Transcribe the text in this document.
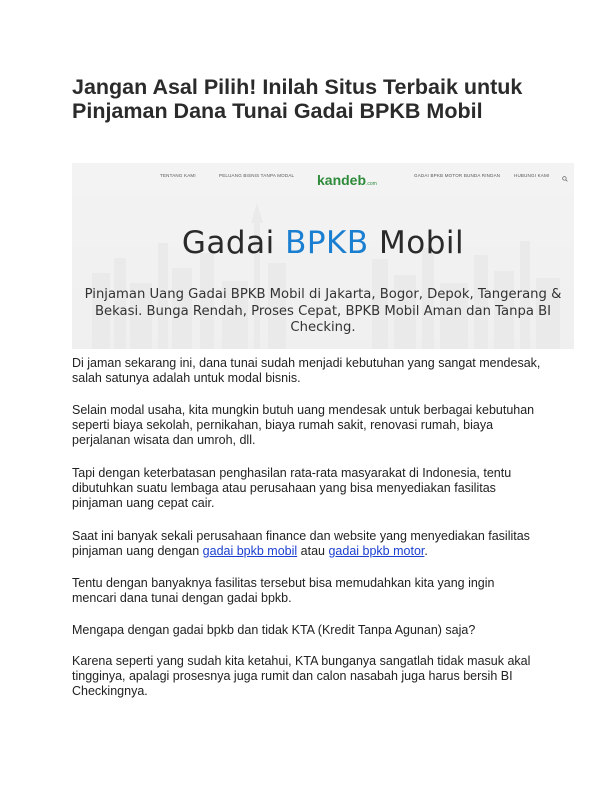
Jangan Asal Pilih! Inilah Situs Terbaik untuk Pinjaman Dana Tunai Gadai BPKB Mobil
TENTANG KAMI	PELUANG BISNIS TANPA MODAL kandeb.com
GADAI BPKB MOTOR BUNDA RINDAN	HUBUNGI KAMI
Gadai BPKB Mobil
Pinjaman Uang Gadai BPKB Mobil di Jakarta, Bogor, Depok, Tangerang & Bekasi. Bunga Rendah, Proses Cepat, BPKB Mobil Aman dan Tanpa BI Checking.

Di jaman sekarang ini, dana tunai sudah menjadi kebutuhan yang sangat mendesak, salah satunya adalah untuk modal bisnis.

Selain modal usaha, kita mungkin butuh uang mendesak untuk berbagai kebutuhan seperti biaya sekolah, pernikahan, biaya rumah sakit, renovasi rumah, biaya perjalanan wisata dan umroh, dll.

Tapi dengan keterbatasan penghasilan rata-rata masyarakat di Indonesia, tentu dibutuhkan suatu lembaga atau perusahaan yang bisa menyediakan fasilitas pinjaman uang cepat cair.

Saat ini banyak sekali perusahaan finance dan website yang menyediakan fasilitas pinjaman uang dengan gadai bpkb mobil atau gadai bpkb motor.

Tentu dengan banyaknya fasilitas tersebut bisa memudahkan kita yang ingin mencari dana tunai dengan gadai bpkb.

Mengapa dengan gadai bpkb dan tidak KTA (Kredit Tanpa Agunan) saja?

Karena seperti yang sudah kita ketahui, KTA bunganya sangatlah tidak masuk akal tingginya, apalagi prosesnya juga rumit dan calon nasabah juga harus bersih BI Checkingnya.
